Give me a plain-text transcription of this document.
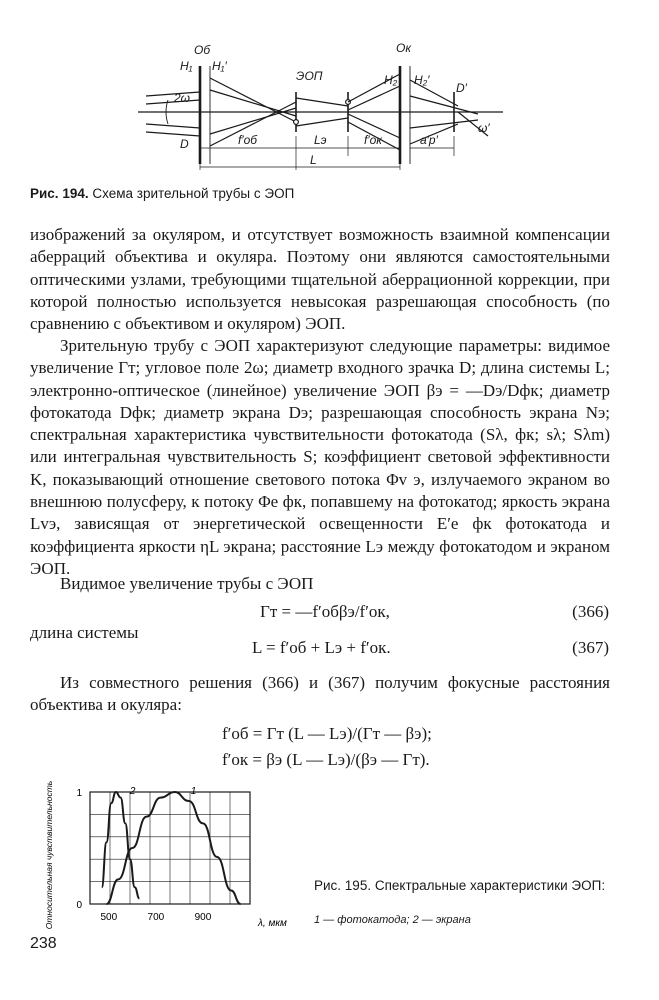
Об
H₁ H₁′
ЭОП
Ок
H₂ H₂′
D′
2ω
D
ω′
f′об	Lэ	f′ок	a′p′
L
Рис. 194. Схема зрительной трубы с ЭОП
изображений за окуляром, и отсутствует возможность взаимной компенсации аберраций объектива и окуляра. Поэтому они являются самостоятельными оптическими узлами, требующими тщательной аберрационной коррекции, при которой полностью используется невысокая разрешающая способность (по сравнению с объективом и окуляром) ЭОП.
Зрительную трубу с ЭОП характеризуют следующие параметры: видимое увеличение Γт; угловое поле 2ω; диаметр входного зрачка D; длина системы L; электронно-оптическое (линейное) увеличение ЭОП βэ = —Dэ/Dфк; диаметр фотокатода Dфк; диаметр экрана Dэ; разрешающая способность экрана Nэ; спектральная характеристика чувствительности фотокатода (Sλ, фк; sλ; Sλm) или интегральная чувствительность S; коэффициент световой эффективности K, показывающий отношение светового потока Φv э, излучаемого экраном во внешнюю полусферу, к потоку Φe фк, попавшему на фотокатод; яркость экрана Lvэ, зависящая от энергетической освещенности E′e фк фотокатода и коэффициента яркости ηL экрана; расстояние Lэ между фотокатодом и экраном ЭОП.
Видимое увеличение трубы с ЭОП
Γт = —f′обβэ/f′ок,	(366)
длина системы
L = f′об + Lэ + f′ок.	(367)
Из совместного решения (366) и (367) получим фокусные расстояния объектива и окуляра:
f′об = Γт (L — Lэ)/(Γт — βэ);
f′ок = βэ (L — Lэ)/(βэ — Γт).
Относительная чувствительность	λ, мкм
500	700	900
0
1	1
2
Рис. 195. Спектральные характеристики ЭОП:
1 — фотокатода; 2 — экрана
238
